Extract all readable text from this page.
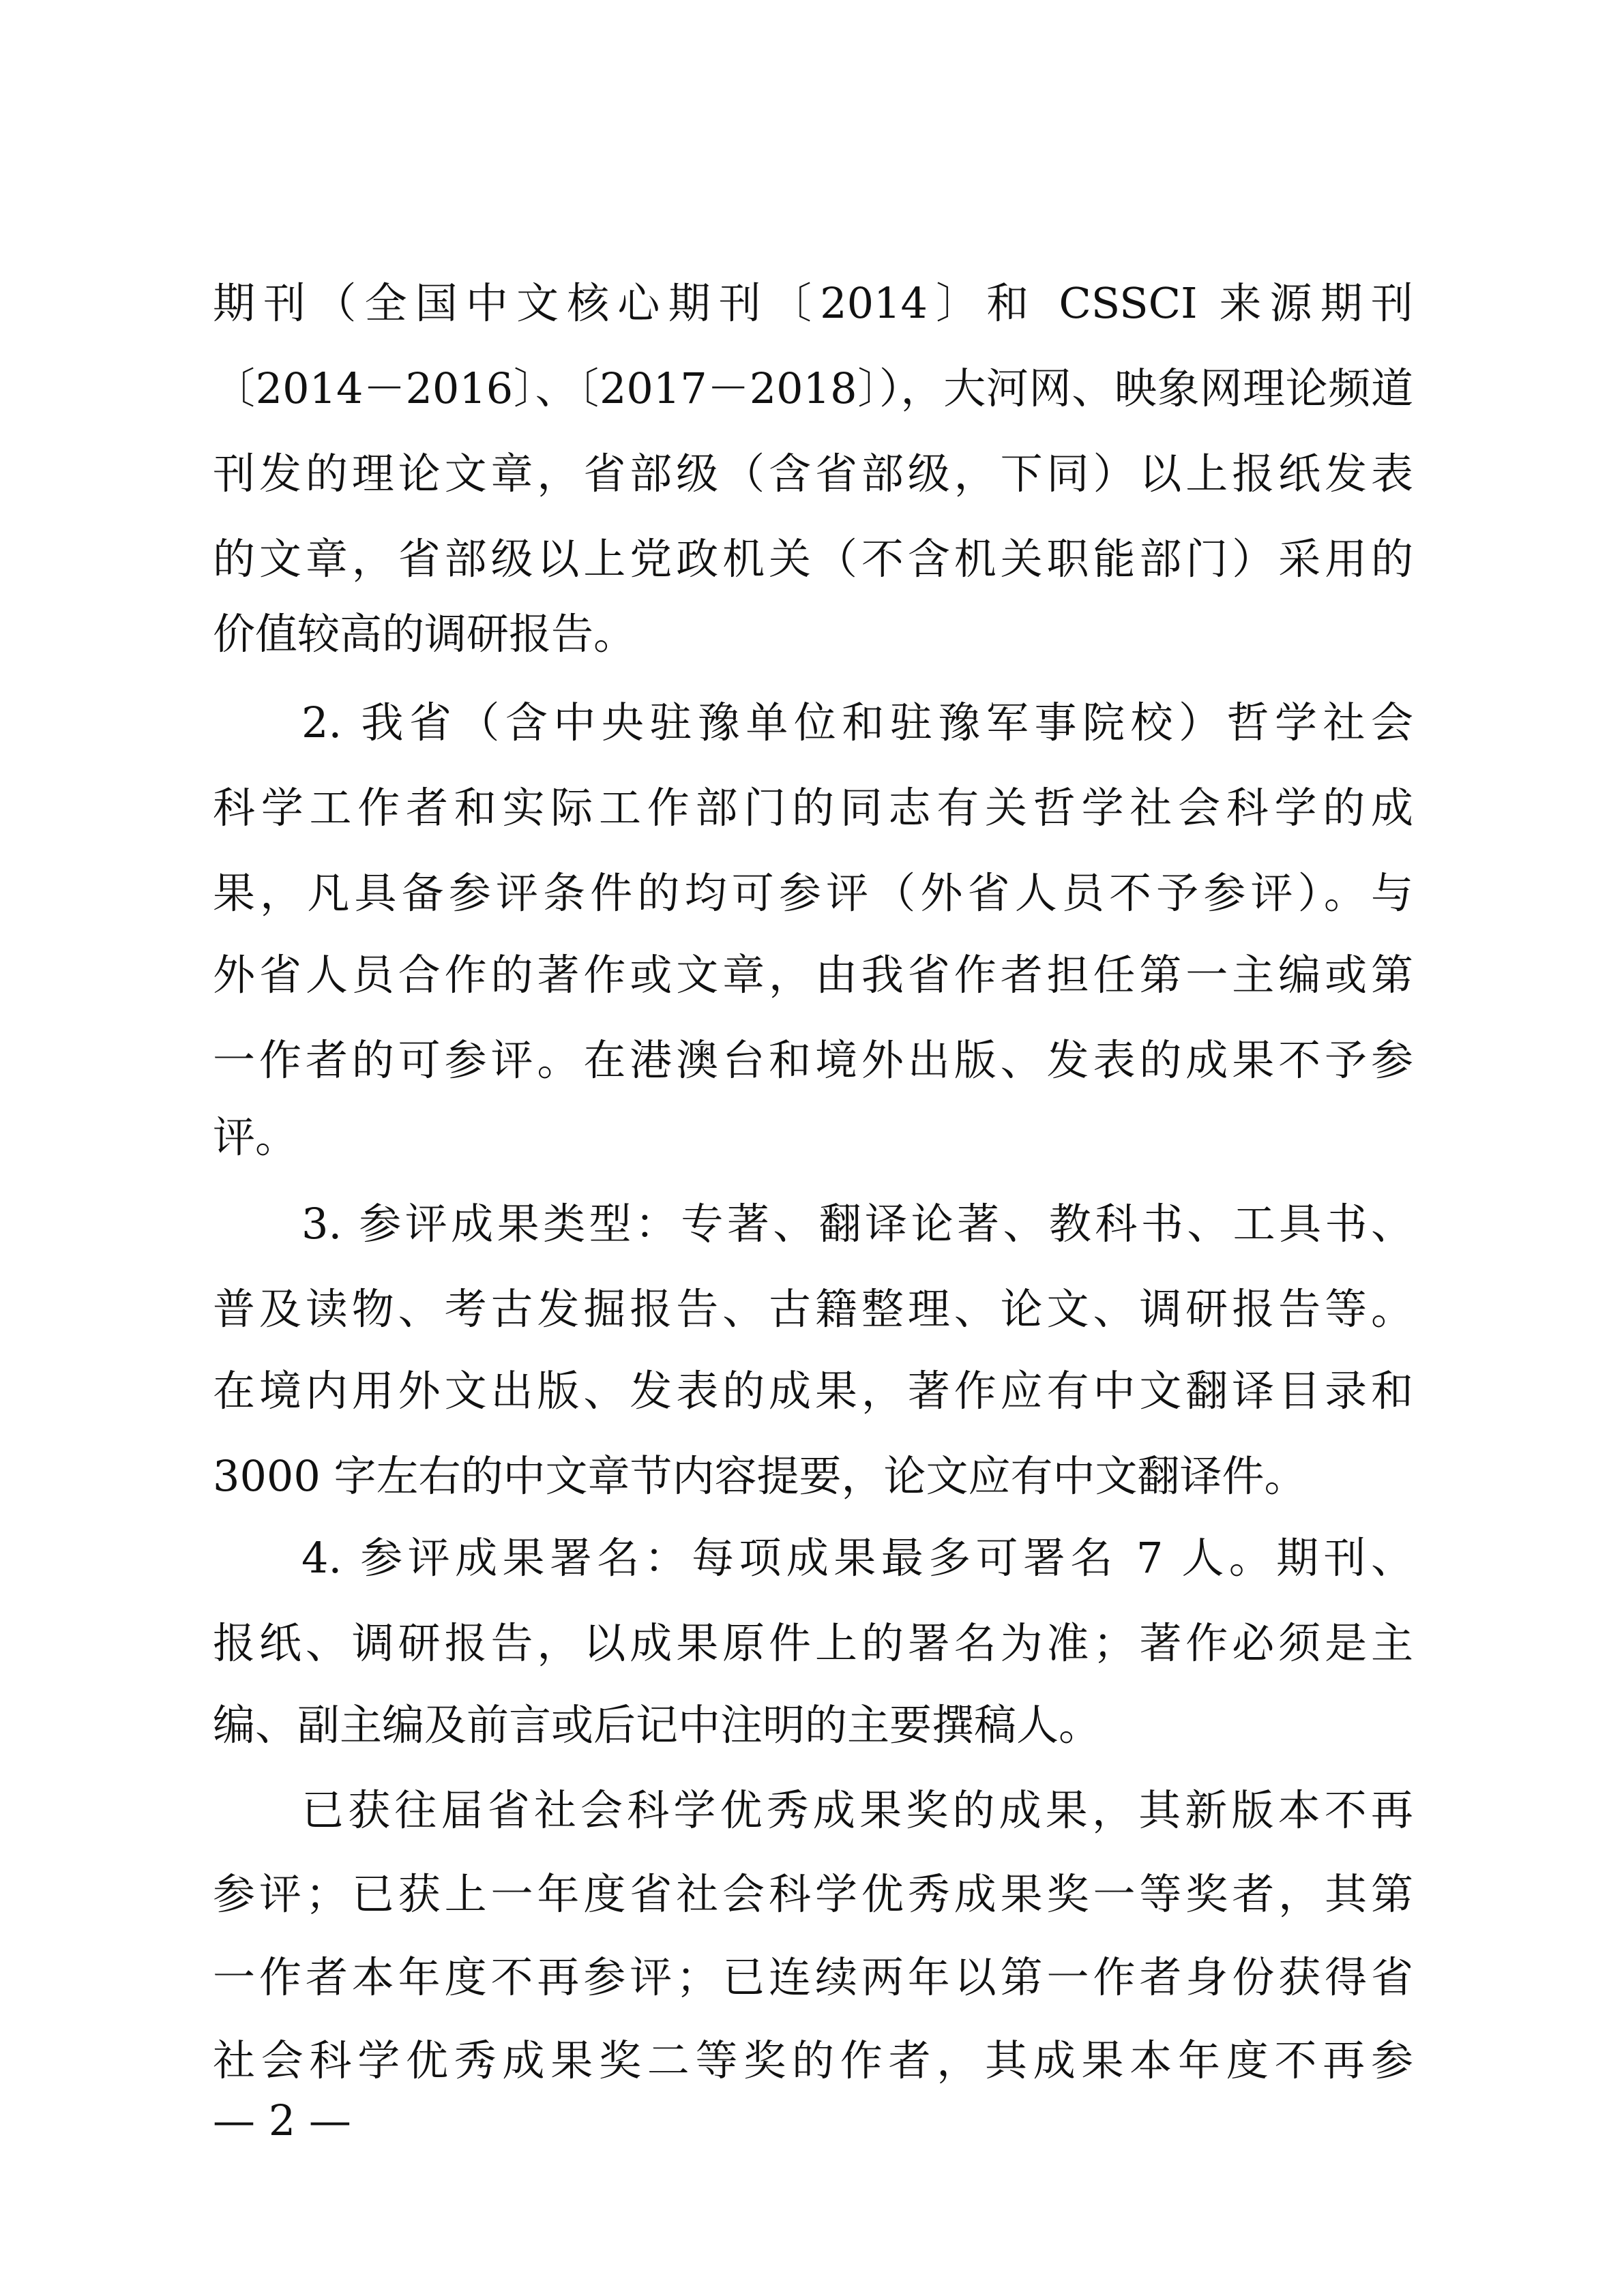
期刊（全国中文核心期刊〔2014〕和 CSSCI 来源期刊
〔2014－2016〕、〔2017－2018〕），大河网、映象网理论频道
刊发的理论文章，省部级（含省部级，下同）以上报纸发表
的文章，省部级以上党政机关（不含机关职能部门）采用的
价值较高的调研报告。
2. 我省（含中央驻豫单位和驻豫军事院校）哲学社会
科学工作者和实际工作部门的同志有关哲学社会科学的成
果，凡具备参评条件的均可参评（外省人员不予参评）。与
外省人员合作的著作或文章，由我省作者担任第一主编或第
一作者的可参评。在港澳台和境外出版、发表的成果不予参
评。
3. 参评成果类型：专著、翻译论著、教科书、工具书、
普及读物、考古发掘报告、古籍整理、论文、调研报告等。
在境内用外文出版、发表的成果，著作应有中文翻译目录和
3000 字左右的中文章节内容提要，论文应有中文翻译件。
4. 参评成果署名：每项成果最多可署名 7 人。期刊、
报纸、调研报告，以成果原件上的署名为准；著作必须是主
编、副主编及前言或后记中注明的主要撰稿人。
已获往届省社会科学优秀成果奖的成果，其新版本不再
参评；已获上一年度省社会科学优秀成果奖一等奖者，其第
一作者本年度不再参评；已连续两年以第一作者身份获得省
社会科学优秀成果奖二等奖的作者，其成果本年度不再参
— 2 —
